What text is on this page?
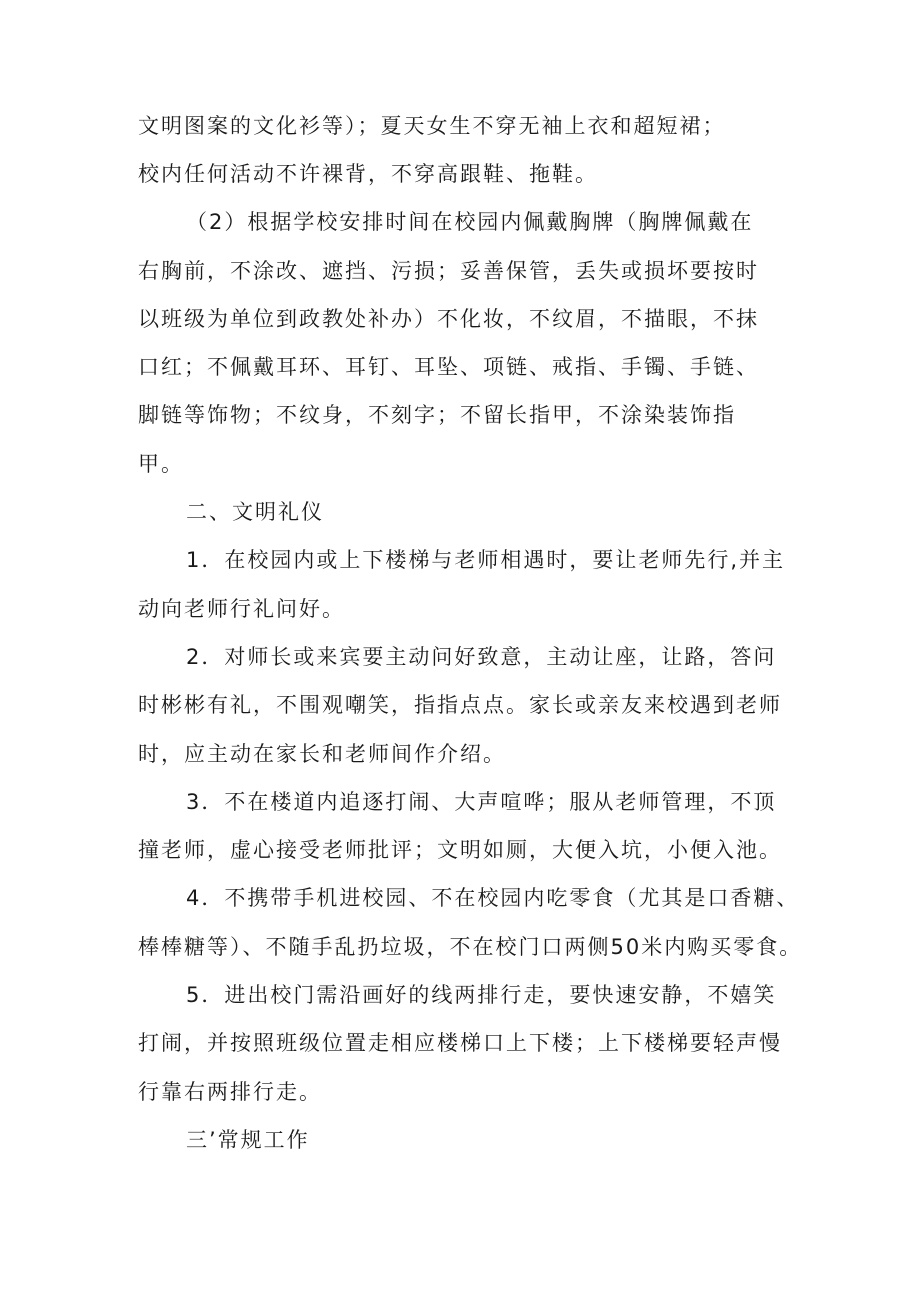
文明图案的文化衫等）；夏天女生不穿无袖上衣和超短裙；
校内任何活动不许裸背，不穿高跟鞋、拖鞋。
（2）根据学校安排时间在校园内佩戴胸牌（胸牌佩戴在
右胸前，不涂改、遮挡、污损；妥善保管，丢失或损坏要按时
以班级为单位到政教处补办）不化妆，不纹眉，不描眼，不抹
口红；不佩戴耳环、耳钉、耳坠、项链、戒指、手镯、手链、
脚链等饰物；不纹身，不刻字；不留长指甲，不涂染装饰指
甲。
二、文明礼仪
1．在校园内或上下楼梯与老师相遇时，要让老师先行,并主
动向老师行礼问好。
2．对师长或来宾要主动问好致意，主动让座，让路，答问
时彬彬有礼，不围观嘲笑，指指点点。家长或亲友来校遇到老师
时，应主动在家长和老师间作介绍。
3．不在楼道内追逐打闹、大声喧哗；服从老师管理，不顶
撞老师，虚心接受老师批评；文明如厕，大便入坑，小便入池。
4．不携带手机进校园、不在校园内吃零食（尤其是口香糖、
棒棒糖等）、不随手乱扔垃圾，不在校门口两侧50米内购买零食。
5．进出校门需沿画好的线两排行走，要快速安静，不嬉笑
打闹，并按照班级位置走相应楼梯口上下楼；上下楼梯要轻声慢
行靠右两排行走。
三’常规工作
